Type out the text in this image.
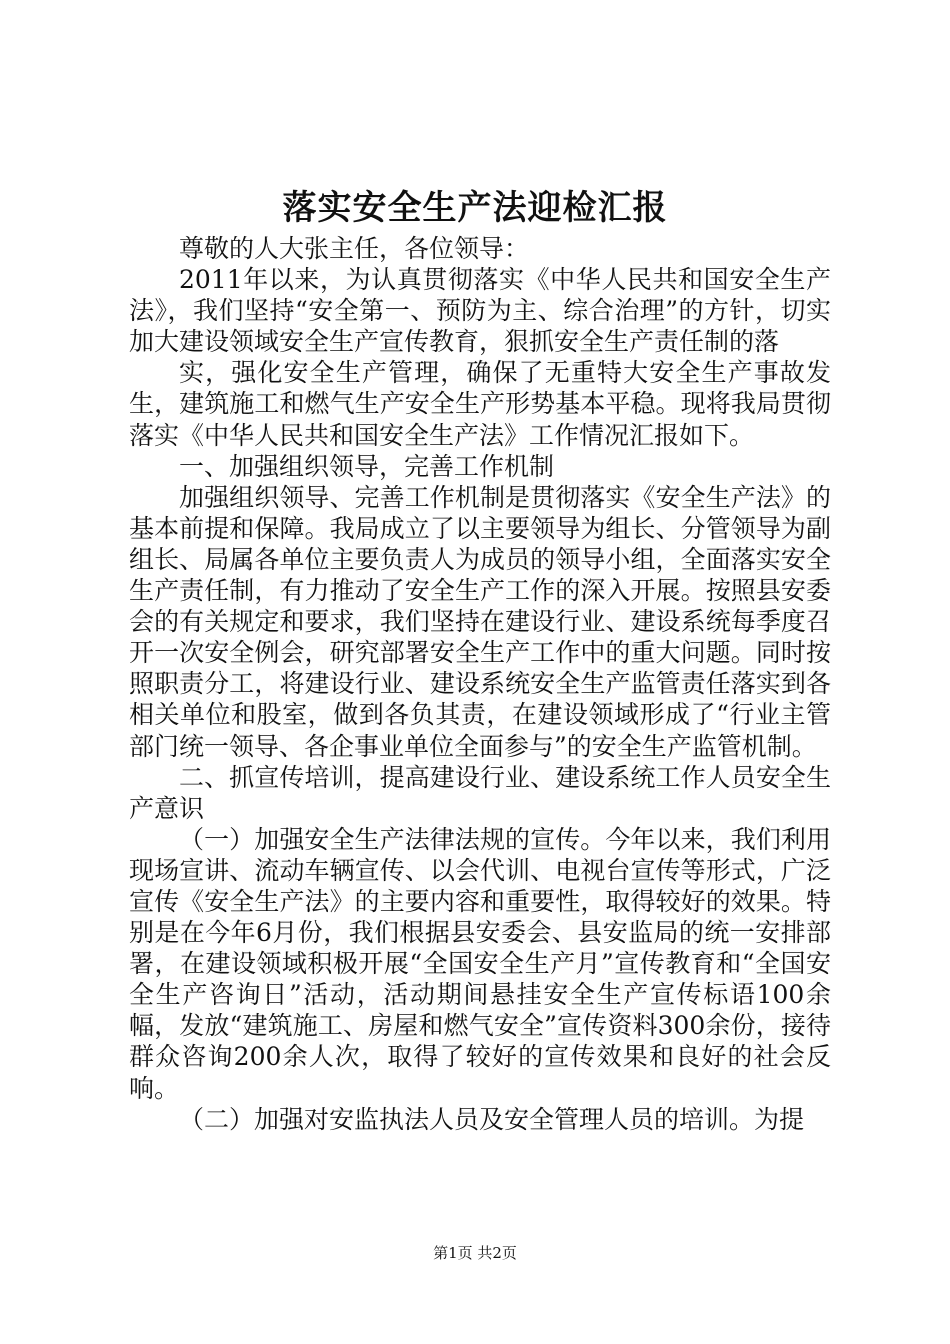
落实安全生产法迎检汇报

尊敬的人大张主任，各位领导：

2011年以来，为认真贯彻落实《中华人民共和国安全生产法》，我们坚持“安全第一、预防为主、综合治理”的方针，切实加大建设领域安全生产宣传教育，狠抓安全生产责任制的落

实，强化安全生产管理，确保了无重特大安全生产事故发生，建筑施工和燃气生产安全生产形势基本平稳。现将我局贯彻落实《中华人民共和国安全生产法》工作情况汇报如下。

一、加强组织领导，完善工作机制

加强组织领导、完善工作机制是贯彻落实《安全生产法》的基本前提和保障。我局成立了以主要领导为组长、分管领导为副组长、局属各单位主要负责人为成员的领导小组，全面落实安全生产责任制，有力推动了安全生产工作的深入开展。按照县安委会的有关规定和要求，我们坚持在建设行业、建设系统每季度召开一次安全例会，研究部署安全生产工作中的重大问题。同时按照职责分工，将建设行业、建设系统安全生产监管责任落实到各相关单位和股室，做到各负其责，在建设领域形成了“行业主管部门统一领导、各企事业单位全面参与”的安全生产监管机制。

二、抓宣传培训，提高建设行业、建设系统工作人员安全生产意识

（一）加强安全生产法律法规的宣传。今年以来，我们利用现场宣讲、流动车辆宣传、以会代训、电视台宣传等形式，广泛宣传《安全生产法》的主要内容和重要性，取得较好的效果。特别是在今年6月份，我们根据县安委会、县安监局的统一安排部署，在建设领域积极开展“全国安全生产月”宣传教育和“全国安全生产咨询日”活动，活动期间悬挂安全生产宣传标语100余幅，发放“建筑施工、房屋和燃气安全”宣传资料300余份，接待群众咨询200余人次，取得了较好的宣传效果和良好的社会反响。

（二）加强对安监执法人员及安全管理人员的培训。为提

第1页 共2页
